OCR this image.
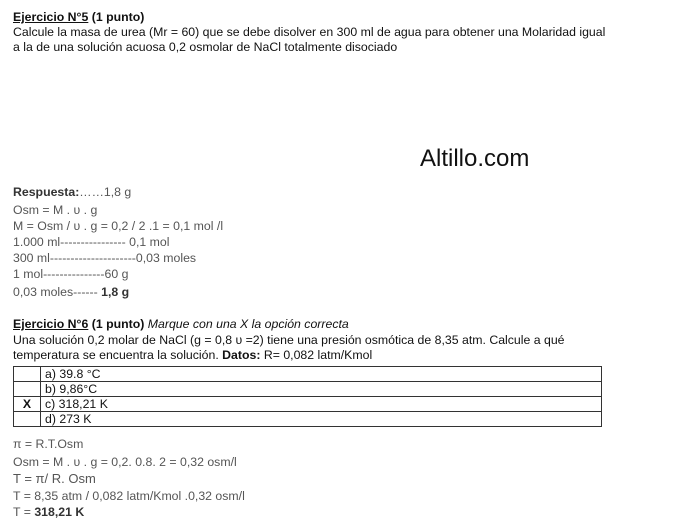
Ejercicio N°5 (1 punto)
Calcule la masa de urea (Mr = 60) que se debe disolver en 300 ml de agua para obtener una Molaridad igual
a la de una solución acuosa 0,2 osmolar de NaCl totalmente disociado
Altillo.com
Respuesta:……1,8 g
Osm = M . υ . g
M = Osm / υ . g = 0,2 / 2 .1 = 0,1 mol /l
1.000 ml---------------- 0,1 mol
300 ml---------------------0,03 moles
1 mol---------------60 g
0,03 moles------ 1,8 g
Ejercicio N°6 (1 punto) Marque con una X la opción correcta
Una solución 0,2 molar de NaCl (g = 0,8 υ =2) tiene una presión osmótica de 8,35 atm. Calcule a qué
temperatura se encuentra la solución. Datos: R= 0,082 latm/Kmol
	a) 39.8 °C
	b) 9,86°C
X	c) 318,21 K
	d) 273 K
π = R.T.Osm
Osm = M . υ . g = 0,2. 0.8. 2 = 0,32 osm/l
T = π/ R. Osm
T = 8,35 atm / 0,082 latm/Kmol .0,32 osm/l
T = 318,21 K
